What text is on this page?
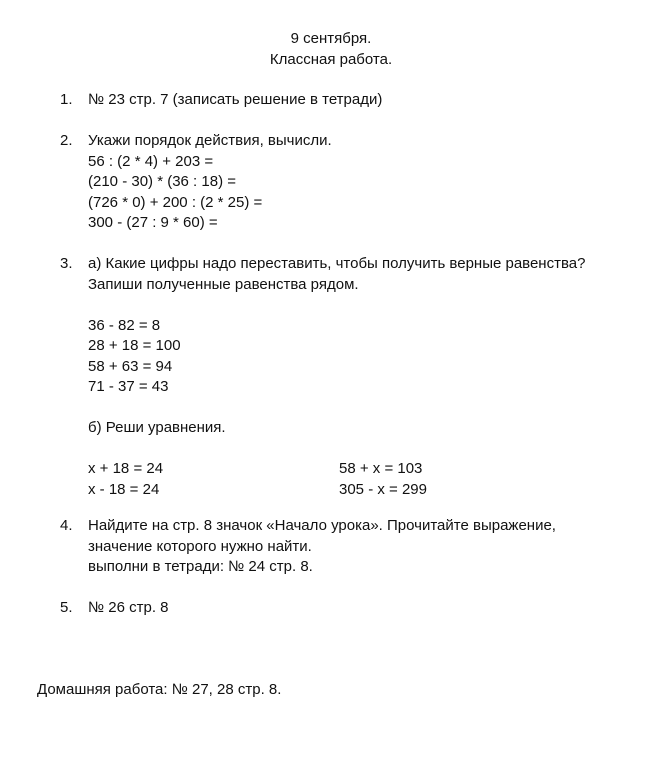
9 сентября.
Классная работа.
1. № 23 стр. 7 (записать решение в тетради)
2. Укажи порядок действия, вычисли.
56 : (2 * 4) + 203 =
(210 - 30) * (36 : 18) =
(726 * 0) + 200 : (2 * 25) =
300 - (27 : 9 * 60) =
3. а) Какие цифры надо переставить, чтобы получить верные равенства?
Запиши полученные равенства рядом.
36 - 82 = 8
28 + 18 = 100
58 + 63 = 94
71 - 37 = 43
б) Реши уравнения.
x + 18 = 24	58 + x = 103
x - 18 = 24	305 - x = 299
4. Найдите на стр. 8 значок «Начало урока». Прочитайте выражение,
значение которого нужно найти.
выполни в тетради: № 24 стр. 8.
5. № 26 стр. 8
Домашняя работа: № 27, 28 стр. 8.
